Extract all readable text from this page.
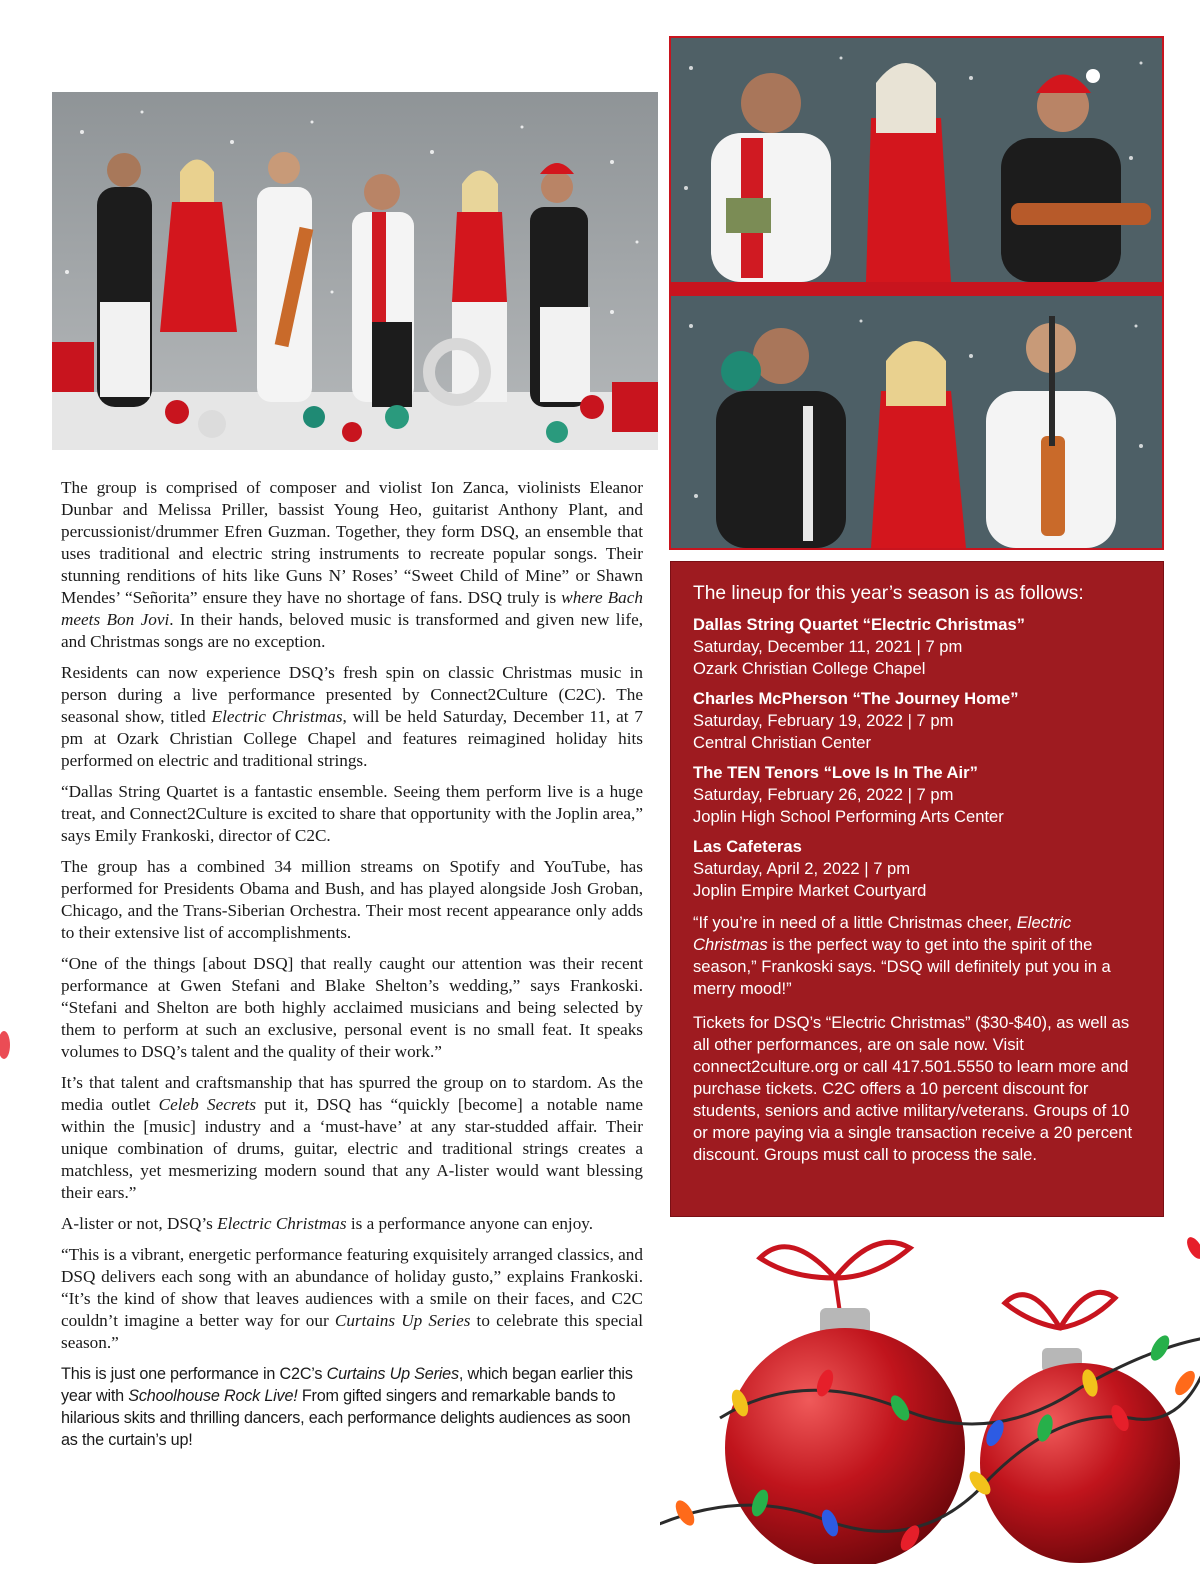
The group is comprised of composer and violist Ion Zanca, violinists Eleanor Dunbar and Melissa Priller, bassist Young Heo, guitarist Anthony Plant, and percussionist/drummer Efren Guzman. Together, they form DSQ, an ensemble that uses traditional and electric string instruments to recreate popular songs. Their stunning renditions of hits like Guns N’ Roses’ “Sweet Child of Mine” or Shawn Mendes’ “Señorita” ensure they have no shortage of fans. DSQ truly is where Bach meets Bon Jovi. In their hands, beloved music is transformed and given new life, and Christmas songs are no exception.

Residents can now experience DSQ’s fresh spin on classic Christmas music in person during a live performance presented by Connect2Culture (C2C). The seasonal show, titled Electric Christmas, will be held Saturday, December 11, at 7 pm at Ozark Christian College Chapel and features reimagined holiday hits performed on electric and traditional strings.

“Dallas String Quartet is a fantastic ensemble. Seeing them perform live is a huge treat, and Connect2Culture is excited to share that opportunity with the Joplin area,” says Emily Frankoski, director of C2C.

The group has a combined 34 million streams on Spotify and YouTube, has performed for Presidents Obama and Bush, and has played alongside Josh Groban, Chicago, and the Trans-Siberian Orchestra. Their most recent appearance only adds to their extensive list of accomplishments.

“One of the things [about DSQ] that really caught our attention was their recent performance at Gwen Stefani and Blake Shelton’s wedding,” says Frankoski. “Stefani and Shelton are both highly acclaimed musicians and being selected by them to perform at such an exclusive, personal event is no small feat. It speaks volumes to DSQ’s talent and the quality of their work.”

It’s that talent and craftsmanship that has spurred the group on to stardom. As the media outlet Celeb Secrets put it, DSQ has “quickly [become] a notable name within the [music] industry and a ‘must-have’ at any star-studded affair. Their unique combination of drums, guitar, electric and traditional strings creates a matchless, yet mesmerizing modern sound that any A-lister would want blessing their ears.”

A-lister or not, DSQ’s Electric Christmas is a performance anyone can enjoy.

“This is a vibrant, energetic performance featuring exquisitely arranged classics, and DSQ delivers each song with an abundance of holiday gusto,” explains Frankoski. “It’s the kind of show that leaves audiences with a smile on their faces, and C2C couldn’t imagine a better way for our Curtains Up Series to celebrate this special season.”

This is just one performance in C2C’s Curtains Up Series, which began earlier this year with Schoolhouse Rock Live! From gifted singers and remarkable bands to hilarious skits and thrilling dancers, each performance delights audiences as soon as the curtain’s up!

The lineup for this year’s season is as follows:
Dallas String Quartet “Electric Christmas”
Saturday, December 11, 2021 | 7 pm
Ozark Christian College Chapel
Charles McPherson “The Journey Home”
Saturday, February 19, 2022 | 7 pm
Central Christian Center
The TEN Tenors “Love Is In The Air”
Saturday, February 26, 2022 | 7 pm
Joplin High School Performing Arts Center
Las Cafeteras
Saturday, April 2, 2022 | 7 pm
Joplin Empire Market Courtyard
“If you’re in need of a little Christmas cheer, Electric Christmas is the perfect way to get into the spirit of the season,” Frankoski says. “DSQ will definitely put you in a merry mood!”
Tickets for DSQ’s “Electric Christmas” ($30-$40), as well as all other performances, are on sale now. Visit connect2culture.org or call 417.501.5550 to learn more and purchase tickets. C2C offers a 10 percent discount for students, seniors and active military/veterans. Groups of 10 or more paying via a single transaction receive a 20 percent discount. Groups must call to process the sale.
